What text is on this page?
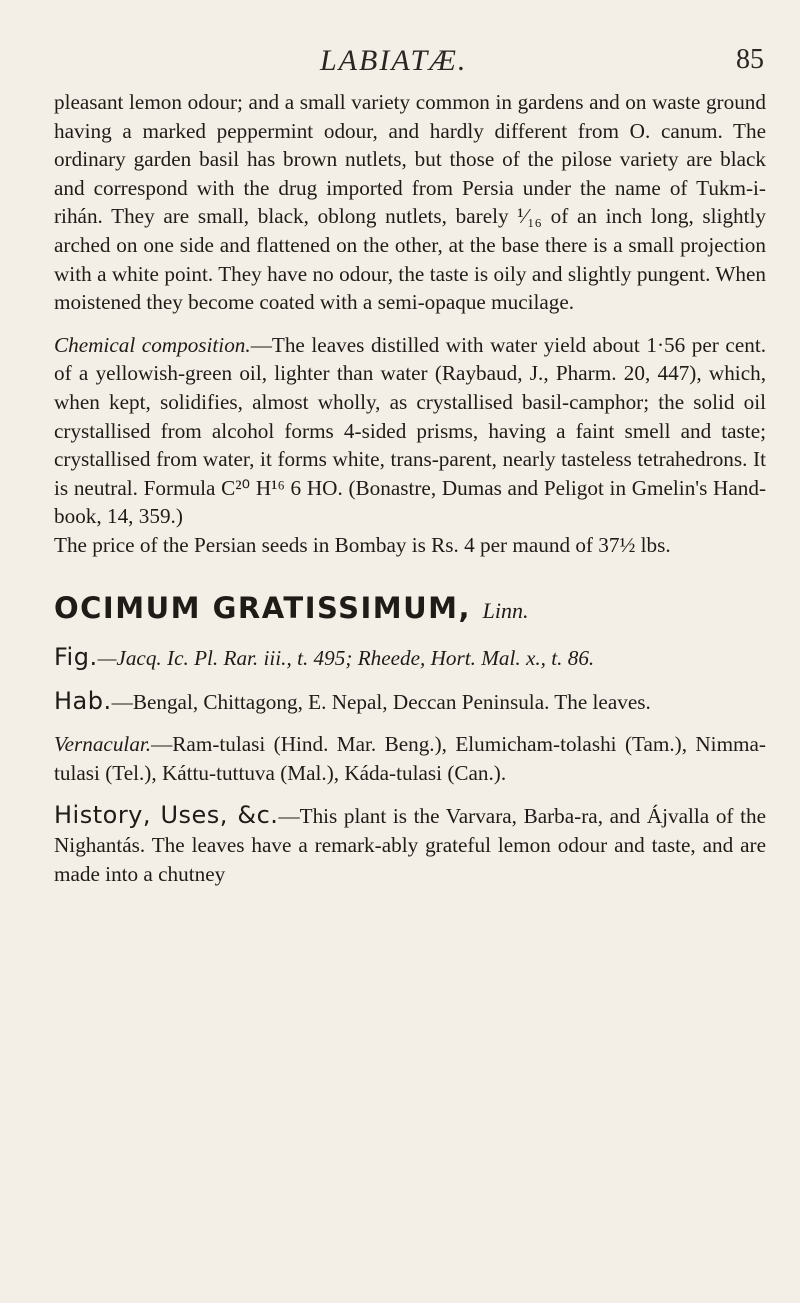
LABIATÆ.	85

pleasant lemon odour; and a small variety common in gardens and on waste ground having a marked peppermint odour, and hardly different from O. canum. The ordinary garden basil has brown nutlets, but those of the pilose variety are black and correspond with the drug imported from Persia under the name of Tukm-i-rihán. They are small, black, oblong nutlets, barely ¹⁄₁₆ of an inch long, slightly arched on one side and flattened on the other, at the base there is a small projection with a white point. They have no odour, the taste is oily and slightly pungent. When moistened they become coated with a semi-opaque mucilage.

Chemical composition.—The leaves distilled with water yield about 1·56 per cent. of a yellowish-green oil, lighter than water (Raybaud, J., Pharm. 20, 447), which, when kept, solidifies, almost wholly, as crystallised basil-camphor; the solid oil crystallised from alcohol forms 4-sided prisms, having a faint smell and taste; crystallised from water, it forms white, trans-parent, nearly tasteless tetrahedrons. It is neutral. Formula C²⁰ H¹⁶ 6 HO. (Bonastre, Dumas and Peligot in Gmelin's Hand-book, 14, 359.)

The price of the Persian seeds in Bombay is Rs. 4 per maund of 37½ lbs.

OCIMUM GRATISSIMUM, Linn.

Fig.—Jacq. Ic. Pl. Rar. iii., t. 495; Rheede, Hort. Mal. x., t. 86.

Hab.—Bengal, Chittagong, E. Nepal, Deccan Peninsula. The leaves.

Vernacular.—Ram-tulasi (Hind. Mar. Beng.), Elumicham-tolashi (Tam.), Nimma-tulasi (Tel.), Káttu-tuttuva (Mal.), Káda-tulasi (Can.).

History, Uses, &c.—This plant is the Varvara, Barba-ra, and Ájvalla of the Nighantás. The leaves have a remark-ably grateful lemon odour and taste, and are made into a chutney
